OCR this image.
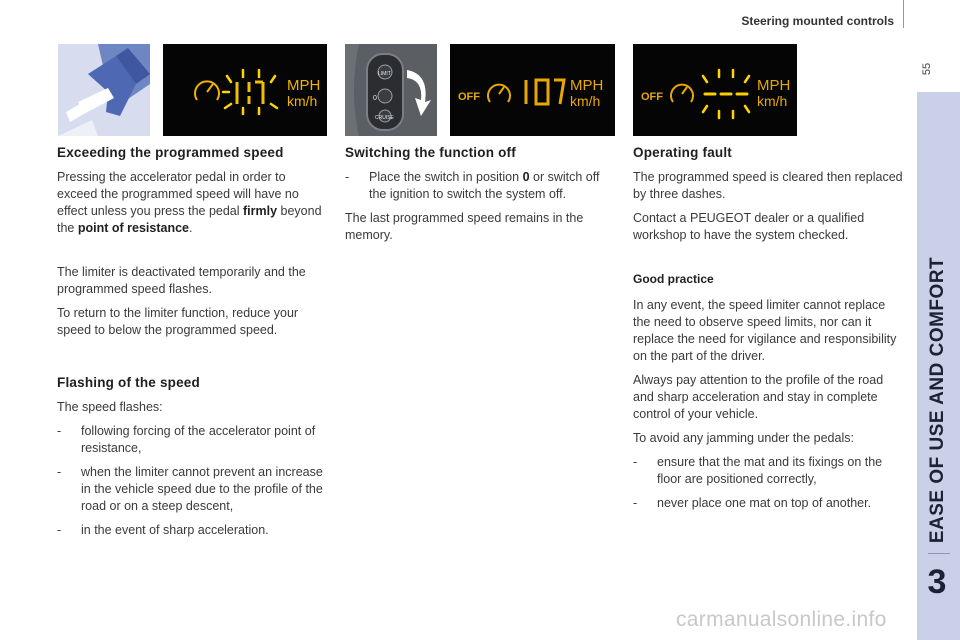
Steering mounted controls
55
EASE OF USE AND COMFORT
3
MPH
km/h
LIMIT
0
CRUISE
OFF
MPH
km/h	OFF
MPH
km/h
Exceeding the programmed speed

Pressing the accelerator pedal in order to exceed the programmed speed will have no effect unless you press the pedal firmly beyond the point of resistance.

The limiter is deactivated temporarily and the programmed speed flashes.

To return to the limiter function, reduce your speed to below the programmed speed.

Flashing of the speed

The speed flashes:

- following forcing of the accelerator point of resistance,
- when the limiter cannot prevent an increase in the vehicle speed due to the profile of the road or on a steep descent,
- in the event of sharp acceleration.
Switching the function off
- Place the switch in position 0 or switch off the ignition to switch the system off.

The last programmed speed remains in the memory.

Operating fault

The programmed speed is cleared then replaced by three dashes.

Contact a PEUGEOT dealer or a qualified workshop to have the system checked.

Good practice

In any event, the speed limiter cannot replace the need to observe speed limits, nor can it replace the need for vigilance and responsibility on the part of the driver.

Always pay attention to the profile of the road and sharp acceleration and stay in complete control of your vehicle.

To avoid any jamming under the pedals:

- ensure that the mat and its fixings on the floor are positioned correctly,
- never place one mat on top of another.
carmanualsonline.info
